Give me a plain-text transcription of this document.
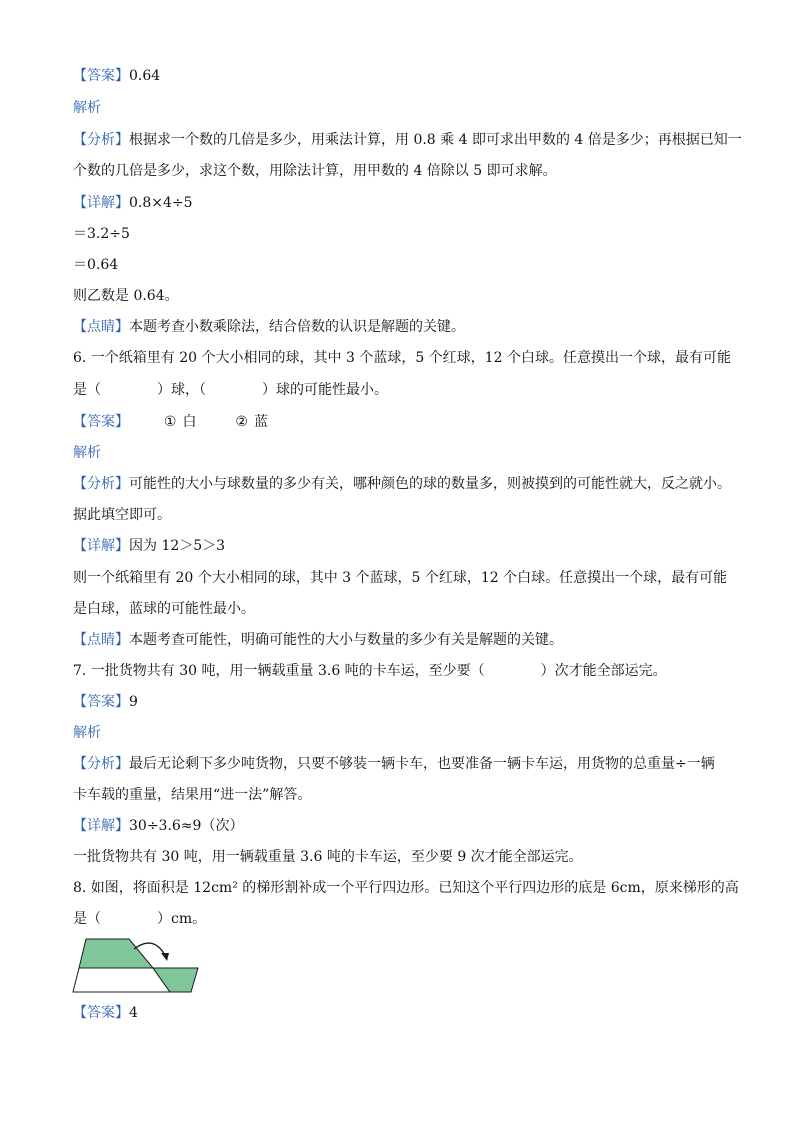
【答案】0.64
解析
【分析】根据求一个数的几倍是多少，用乘法计算，用 0.8 乘 4 即可求出甲数的 4 倍是多少；再根据已知一
个数的几倍是多少，求这个数，用除法计算，用甲数的 4 倍除以 5 即可求解。
【详解】0.8×4÷5
＝3.2÷5
＝0.64
则乙数是 0.64。
【点睛】本题考查小数乘除法，结合倍数的认识是解题的关键。
6. 一个纸箱里有 20 个大小相同的球，其中 3 个蓝球，5 个红球，12 个白球。任意摸出一个球，最有可能
是（　　　　）球，（　　　　）球的可能性最小。
【答案】 ① 白	② 蓝
解析
【分析】可能性的大小与球数量的多少有关，哪种颜色的球的数量多，则被摸到的可能性就大，反之就小。
据此填空即可。
【详解】因为 12＞5＞3
则一个纸箱里有 20 个大小相同的球，其中 3 个蓝球，5 个红球，12 个白球。任意摸出一个球，最有可能
是白球，蓝球的可能性最小。
【点睛】本题考查可能性，明确可能性的大小与数量的多少有关是解题的关键。
7. 一批货物共有 30 吨，用一辆载重量 3.6 吨的卡车运，至少要（　　　　）次才能全部运完。
【答案】9
解析
【分析】最后无论剩下多少吨货物，只要不够装一辆卡车，也要准备一辆卡车运，用货物的总重量÷一辆
卡车载的重量，结果用“进一法”解答。
【详解】30÷3.6≈9（次）
一批货物共有 30 吨，用一辆载重量 3.6 吨的卡车运，至少要 9 次才能全部运完。
8. 如图，将面积是 12cm² 的梯形割补成一个平行四边形。已知这个平行四边形的底是 6cm，原来梯形的高
是（　　　　）cm。
【答案】4
